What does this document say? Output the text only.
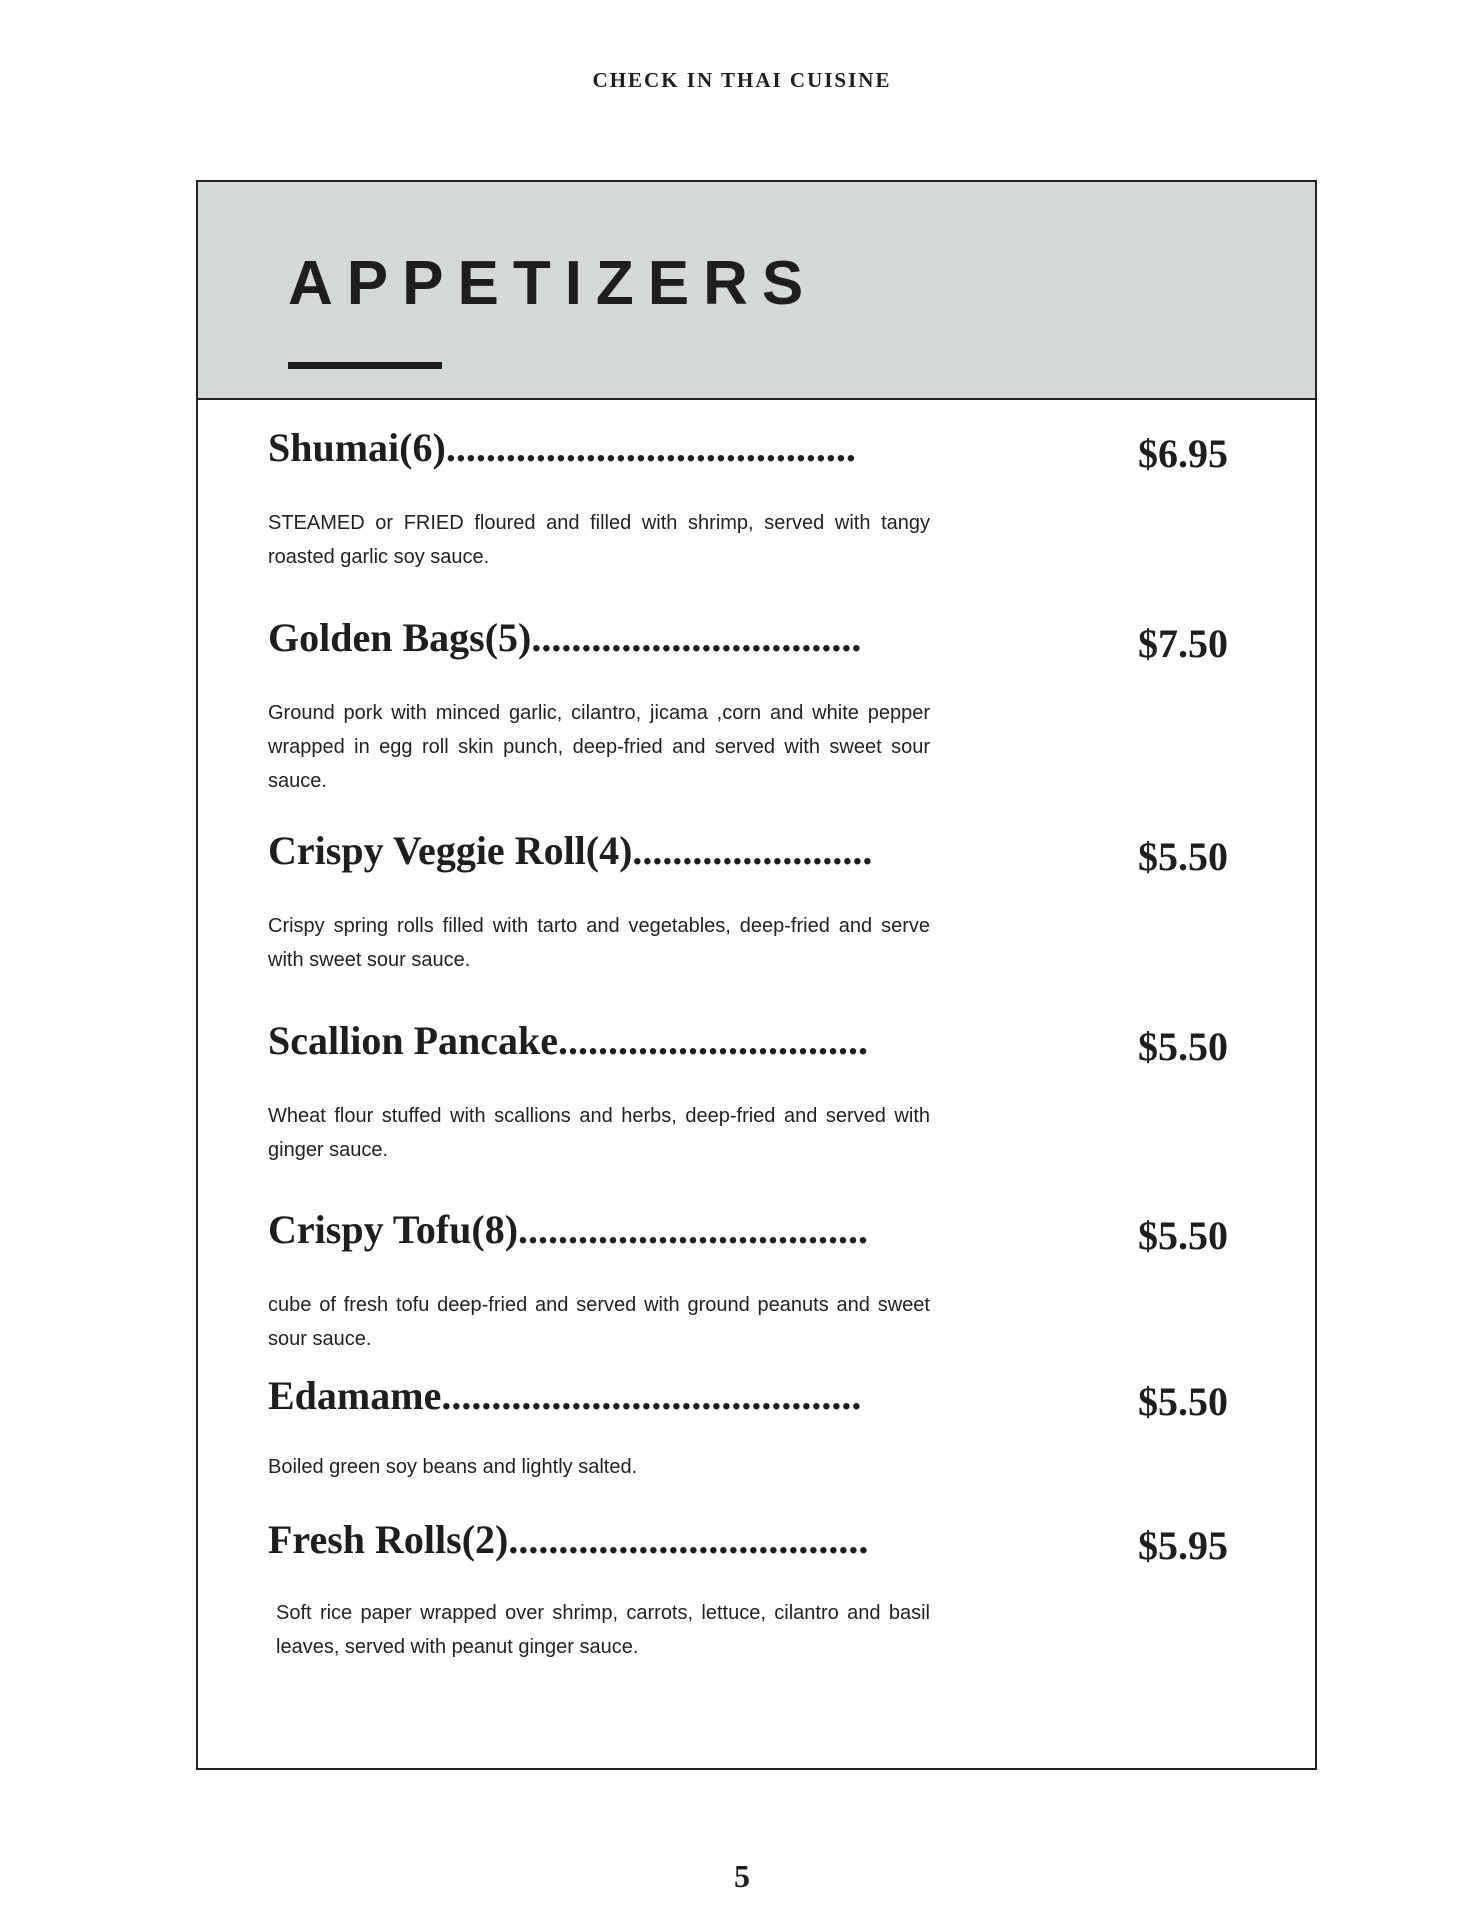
CHECK IN THAI CUISINE
APPETIZERS
Shumai(6).........................................	$6.95

STEAMED or FRIED floured and filled with shrimp, served with tangy roasted garlic soy sauce.

Golden Bags(5).................................	$7.50

Ground pork with minced garlic, cilantro, jicama ,corn and white pepper wrapped in egg roll skin punch, deep-fried and served with sweet sour sauce.

Crispy Veggie Roll(4)........................	$5.50

Crispy spring rolls filled with tarto and vegetables, deep-fried and serve with sweet sour sauce.

Scallion Pancake...............................	$5.50

Wheat flour stuffed with scallions and herbs, deep-fried and served with ginger sauce.

Crispy Tofu(8)...................................	$5.50

cube of fresh tofu deep-fried and served with ground peanuts and sweet sour sauce.

Edamame..........................................	$5.50

Boiled green soy beans and lightly salted.

Fresh Rolls(2)....................................	$5.95

Soft rice paper wrapped over shrimp, carrots, lettuce, cilantro and basil leaves, served with peanut ginger sauce.

5
